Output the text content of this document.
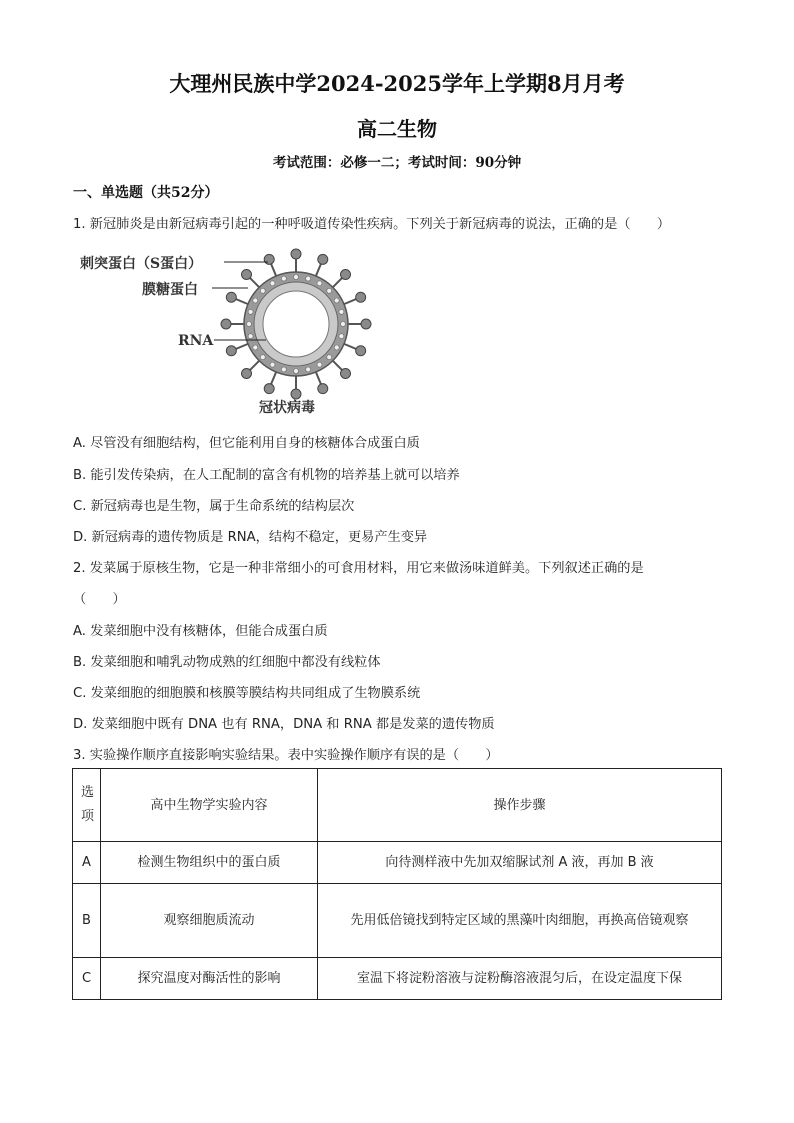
大理州民族中学2024-2025学年上学期8月月考
高二生物
考试范围：必修一二；考试时间：90分钟
一、单选题（共52分）
1. 新冠肺炎是由新冠病毒引起的一种呼吸道传染性疾病。下列关于新冠病毒的说法，正确的是（　　）
刺突蛋白（S蛋白）
膜糖蛋白
RNA
冠状病毒
A. 尽管没有细胞结构，但它能利用自身的核糖体合成蛋白质
B. 能引发传染病，在人工配制的富含有机物的培养基上就可以培养
C. 新冠病毒也是生物，属于生命系统的结构层次
D. 新冠病毒的遗传物质是 RNA，结构不稳定，更易产生变异
2. 发菜属于原核生物，它是一种非常细小的可食用材料，用它来做汤味道鲜美。下列叙述正确的是
（　　）
A. 发菜细胞中没有核糖体，但能合成蛋白质
B. 发菜细胞和哺乳动物成熟的红细胞中都没有线粒体
C. 发菜细胞的细胞膜和核膜等膜结构共同组成了生物膜系统
D. 发菜细胞中既有 DNA 也有 RNA，DNA 和 RNA 都是发菜的遗传物质
3. 实验操作顺序直接影响实验结果。表中实验操作顺序有误的是（　　）
选项	高中生物学实验内容	操作步骤
A	检测生物组织中的蛋白质	向待测样液中先加双缩脲试剂 A 液，再加 B 液
B	观察细胞质流动	先用低倍镜找到特定区域的黑藻叶肉细胞，再换高倍镜观察
C	探究温度对酶活性的影响	室温下将淀粉溶液与淀粉酶溶液混匀后，在设定温度下保
